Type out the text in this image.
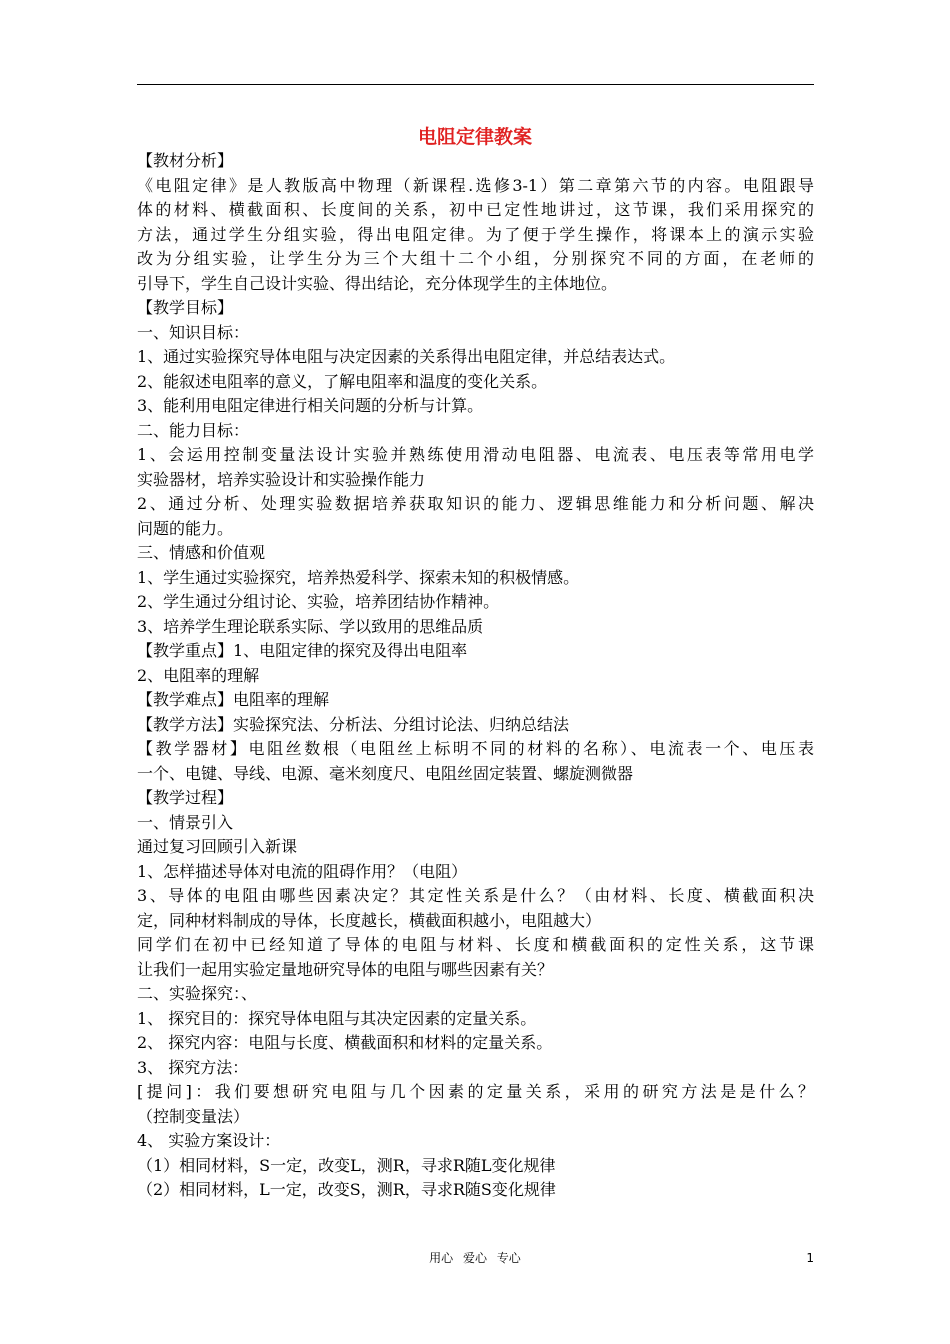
电阻定律教案
【教材分析】
《电阻定律》是人教版高中物理（新课程.选修3-1）第二章第六节的内容。电阻跟导
体的材料、横截面积、长度间的关系，初中已定性地讲过，这节课，我们采用探究的
方法，通过学生分组实验，得出电阻定律。为了便于学生操作，将课本上的演示实验
改为分组实验，让学生分为三个大组十二个小组，分别探究不同的方面，在老师的
引导下，学生自己设计实验、得出结论，充分体现学生的主体地位。
【教学目标】
一、知识目标：
1、通过实验探究导体电阻与决定因素的关系得出电阻定律，并总结表达式。
2、能叙述电阻率的意义，了解电阻率和温度的变化关系。
3、能利用电阻定律进行相关问题的分析与计算。
二、能力目标：
1、会运用控制变量法设计实验并熟练使用滑动电阻器、电流表、电压表等常用电学
实验器材，培养实验设计和实验操作能力
2、通过分析、处理实验数据培养获取知识的能力、逻辑思维能力和分析问题、解决
问题的能力。
三、情感和价值观
1、学生通过实验探究，培养热爱科学、探索未知的积极情感。
2、学生通过分组讨论、实验，培养团结协作精神。
3、培养学生理论联系实际、学以致用的思维品质
【教学重点】1、电阻定律的探究及得出电阻率
2、电阻率的理解
【教学难点】电阻率的理解
【教学方法】实验探究法、分析法、分组讨论法、归纳总结法
【教学器材】电阻丝数根（电阻丝上标明不同的材料的名称）、电流表一个、电压表
一个、电键、导线、电源、毫米刻度尺、电阻丝固定装置、螺旋测微器
【教学过程】
一、情景引入
通过复习回顾引入新课
1、怎样描述导体对电流的阻碍作用？（电阻）
3、导体的电阻由哪些因素决定？其定性关系是什么？（由材料、长度、横截面积决
定，同种材料制成的导体，长度越长，横截面积越小，电阻越大）
同学们在初中已经知道了导体的电阻与材料、长度和横截面积的定性关系，这节课
让我们一起用实验定量地研究导体的电阻与哪些因素有关？
二、实验探究：、
1、 探究目的：探究导体电阻与其决定因素的定量关系。
2、 探究内容：电阻与长度、横截面积和材料的定量关系。
3、 探究方法：
[提问]：我们要想研究电阻与几个因素的定量关系，采用的研究方法是是什么？
（控制变量法）
4、 实验方案设计：
（1）相同材料，S一定，改变L，测R，寻求R随L变化规律
（2）相同材料，L一定，改变S，测R，寻求R随S变化规律
用心 爱心 专心	1
